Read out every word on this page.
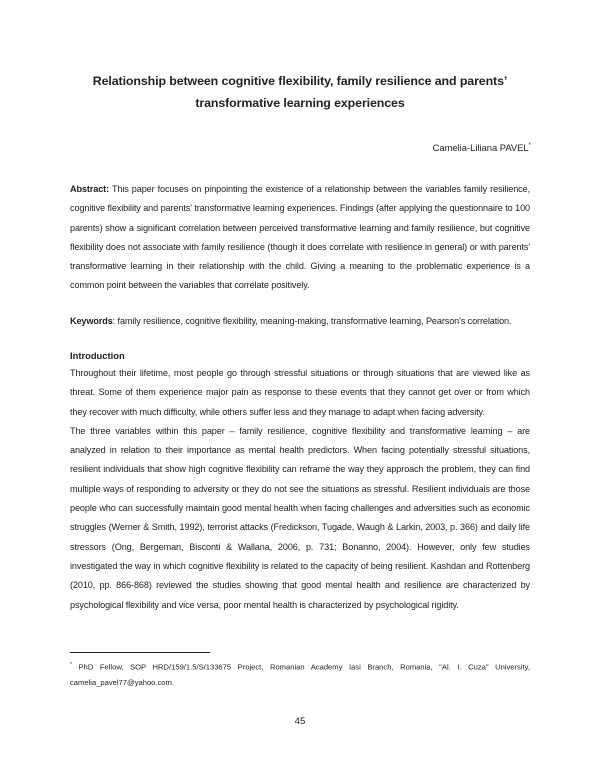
Relationship between cognitive flexibility, family resilience and parents’
transformative learning experiences
Camelia-Liliana PAVEL*
Abstract: This paper focuses on pinpointing the existence of a relationship between the variables family resilience,
cognitive flexibility and parents' transformative learning experiences. Findings (after applying the questionnaire to 100
parents) show a significant correlation between perceived transformative learning and family resilience, but cognitive
flexibility does not associate with family resilience (though it does correlate with resilience in general) or with parents'
transformative learning in their relationship with the child. Giving a meaning to the problematic experience is a
common point between the variables that correlate positively.
Keywords: family resilience, cognitive flexibility, meaning-making, transformative learning, Pearson's correlation.
Introduction
Throughout their lifetime, most people go through stressful situations or through situations that are viewed like as
threat. Some of them experience major pain as response to these events that they cannot get over or from which
they recover with much difficulty, while others suffer less and they manage to adapt when facing adversity.
The three variables within this paper – family resilience, cognitive flexibility and transformative learning – are
analyzed in relation to their importance as mental health predictors. When facing potentially stressful situations,
resilient individuals that show high cognitive flexibility can reframe the way they approach the problem, they can find
multiple ways of responding to adversity or they do not see the situations as stressful. Resilient individuals are those
people who can successfully maintain good mental health when facing challenges and adversities such as economic
struggles (Werner & Smith, 1992), terrorist attacks (Fredickson, Tugade, Waugh & Larkin, 2003, p. 366) and daily life
stressors (Ong, Bergeman, Bisconti & Wallana, 2006, p. 731; Bonanno, 2004). However, only few studies
investigated the way in which cognitive flexibility is related to the capacity of being resilient. Kashdan and Rottenberg
(2010, pp. 866-868) reviewed the studies showing that good mental health and resilience are characterized by
psychological flexibility and vice versa, poor mental health is characterized by psychological rigidity.
* PhD Fellow, SOP HRD/159/1.5/S/133675 Project, Romanian Academy Iasi Branch, Romania, "Al. I. Cuza" University,
camelia_pavel77@yahoo.com.
45
